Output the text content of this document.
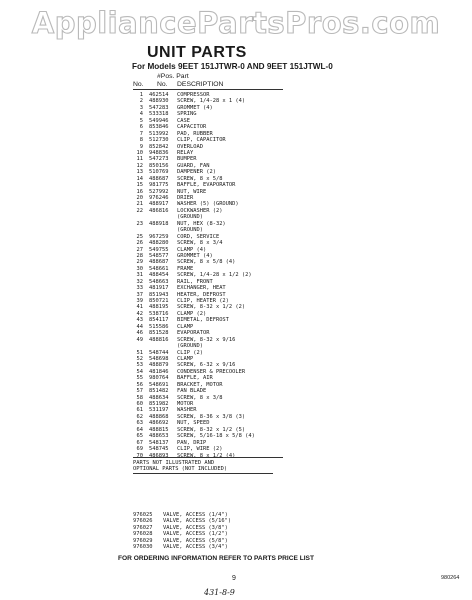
AppliancePartsPros.com
UNIT PARTS
For Models 9EET 151JTWR-0 AND 9EET 151JTWL-0
#Pos. Part
No. No. DESCRIPTION
1 462514 COMPRESSOR
2 488930 SCREW, 1/4-28 x 1 (4)
3 547283 GROMMET (4)
4 533318 SPRING
5 549946 CASE
6 853846 CAPACITOR
7 513992 PAD, RUBBER
8 512730 CLIP, CAPACITOR
9 852842 OVERLOAD
10 948836 RELAY
11 547273 BUMPER
12 850156 GUARD, FAN
13 510769 DAMPENER (2)
14 488687 SCREW, 8 x 5/8
15 981775 BAFFLE, EVAPORATOR
16 527992 NUT, WIRE
20 976246 DRIER
21 488917 WASHER (5) (GROUND)
22 486816 LOCKWASHER (2)
(GROUND)
23 488918 NUT, HEX (8-32)
(GROUND)
25 967259 CORD, SERVICE
26 488280 SCREW, 8 x 3/4
27 549755 CLAMP (4)
28 548577 GROMMET (4)
29 488687 SCREW, 8 x 5/8 (4)
30 548661 FRAME
31 488454 SCREW, 1/4-28 x 1/2 (2)
32 548663 RAIL, FRONT
33 481917 EXCHANGER, HEAT
37 851943 HEATER, DEFROST
39 850721 CLIP, HEATER (2)
41 488195 SCREW, 8-32 x 1/2 (2)
42 538716 CLAMP (2)
43 854117 BIMETAL, DEFROST
44 515586 CLAMP
46 851528 EVAPORATOR
49 488816 SCREW, 8-32 x 9/16
(GROUND)
51 548744 CLIP (2)
52 548698 CLAMP
53 488879 SCREW, 6-32 x 9/16
54 481846 CONDENSER & PRECOOLER
55 980764 BAFFLE, AIR
56 548691 BRACKET, MOTOR
57 851482 FAN BLADE
58 488634 SCREW, 8 x 3/8
60 851982 MOTOR
61 531197 WASHER
62 488868 SCREW, 8-36 x 3/8 (3)
63 486692 NUT, SPEED
64 488815 SCREW, 8-32 x 1/2 (5)
65 488653 SCREW, 5/16-18 x 5/8 (4)
67 548137 PAN, DRIP
69 548745 CLIP, WIRE (2)
70 486893 SCREW, 8 x 1/2 (4)
PARTS NOT ILLUSTRATED AND
OPTIONAL PARTS (NOT INCLUDED)
976025 VALVE, ACCESS (1/4")
976026 VALVE, ACCESS (5/16")
976027 VALVE, ACCESS (3/8")
976028 VALVE, ACCESS (1/2")
976029 VALVE, ACCESS (5/8")
976030 VALVE, ACCESS (3/4")
FOR ORDERING INFORMATION REFER TO PARTS PRICE LIST
9	980264
431-8-9
